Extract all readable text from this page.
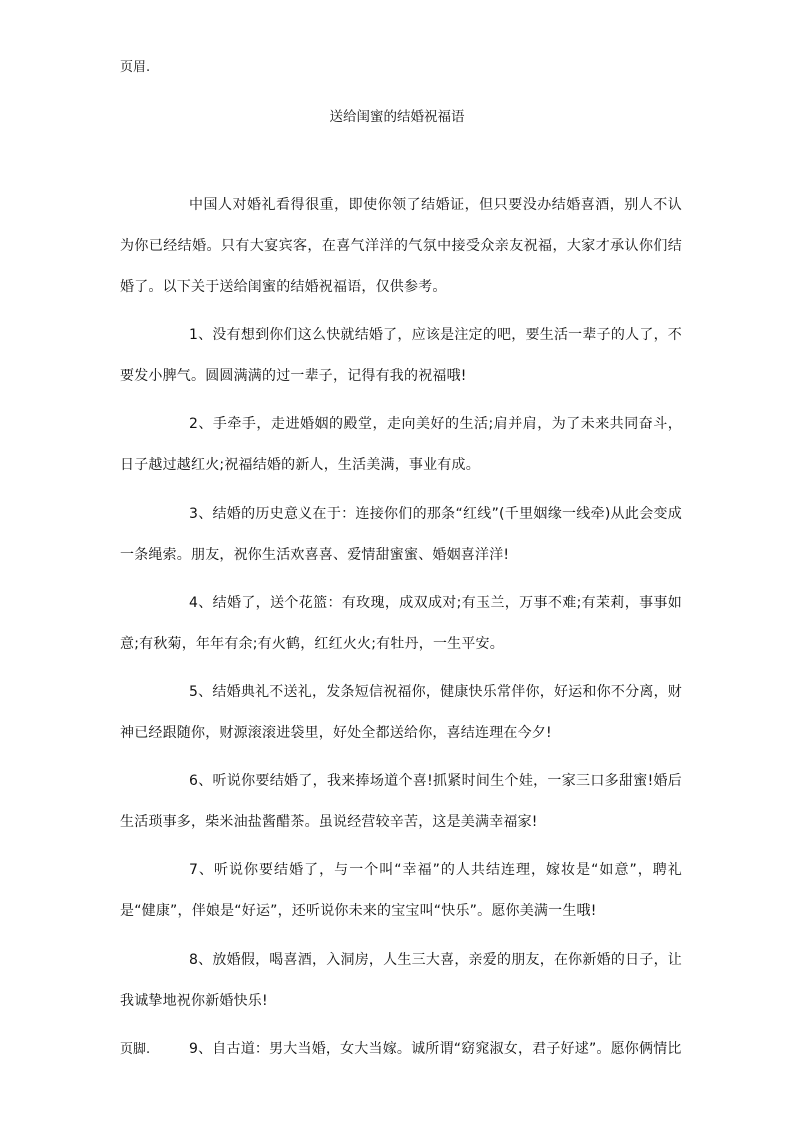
页眉.
送给闺蜜的结婚祝福语

中国人对婚礼看得很重，即使你领了结婚证，但只要没办结婚喜酒，别人不认为你已经结婚。只有大宴宾客，在喜气洋洋的气氛中接受众亲友祝福，大家才承认你们结婚了。以下关于送给闺蜜的结婚祝福语，仅供参考。

1、没有想到你们这么快就结婚了，应该是注定的吧，要生活一辈子的人了，不要发小脾气。圆圆满满的过一辈子，记得有我的祝福哦!

2、手牵手，走进婚姻的殿堂，走向美好的生活;肩并肩，为了未来共同奋斗，日子越过越红火;祝福结婚的新人，生活美满，事业有成。

3、结婚的历史意义在于：连接你们的那条“红线”(千里姻缘一线牵)从此会变成一条绳索。朋友，祝你生活欢喜喜、爱情甜蜜蜜、婚姻喜洋洋!

4、结婚了，送个花篮：有玫瑰，成双成对;有玉兰，万事不难;有茉莉，事事如意;有秋菊，年年有余;有火鹤，红红火火;有牡丹，一生平安。

5、结婚典礼不送礼，发条短信祝福你，健康快乐常伴你，好运和你不分离，财神已经跟随你，财源滚滚进袋里，好处全都送给你，喜结连理在今夕!

6、听说你要结婚了，我来捧场道个喜!抓紧时间生个娃，一家三口多甜蜜!婚后生活琐事多，柴米油盐酱醋茶。虽说经营较辛苦，这是美满幸福家!

7、听说你要结婚了，与一个叫“幸福”的人共结连理，嫁妆是“如意”，聘礼是“健康”，伴娘是“好运”，还听说你未来的宝宝叫“快乐”。愿你美满一生哦!

8、放婚假，喝喜酒，入洞房，人生三大喜，亲爱的朋友，在你新婚的日子，让我诚挚地祝你新婚快乐!

9、自古道：男大当婚，女大当嫁。诚所谓“窈窕淑女，君子好逑”。愿你俩情比

页脚.
